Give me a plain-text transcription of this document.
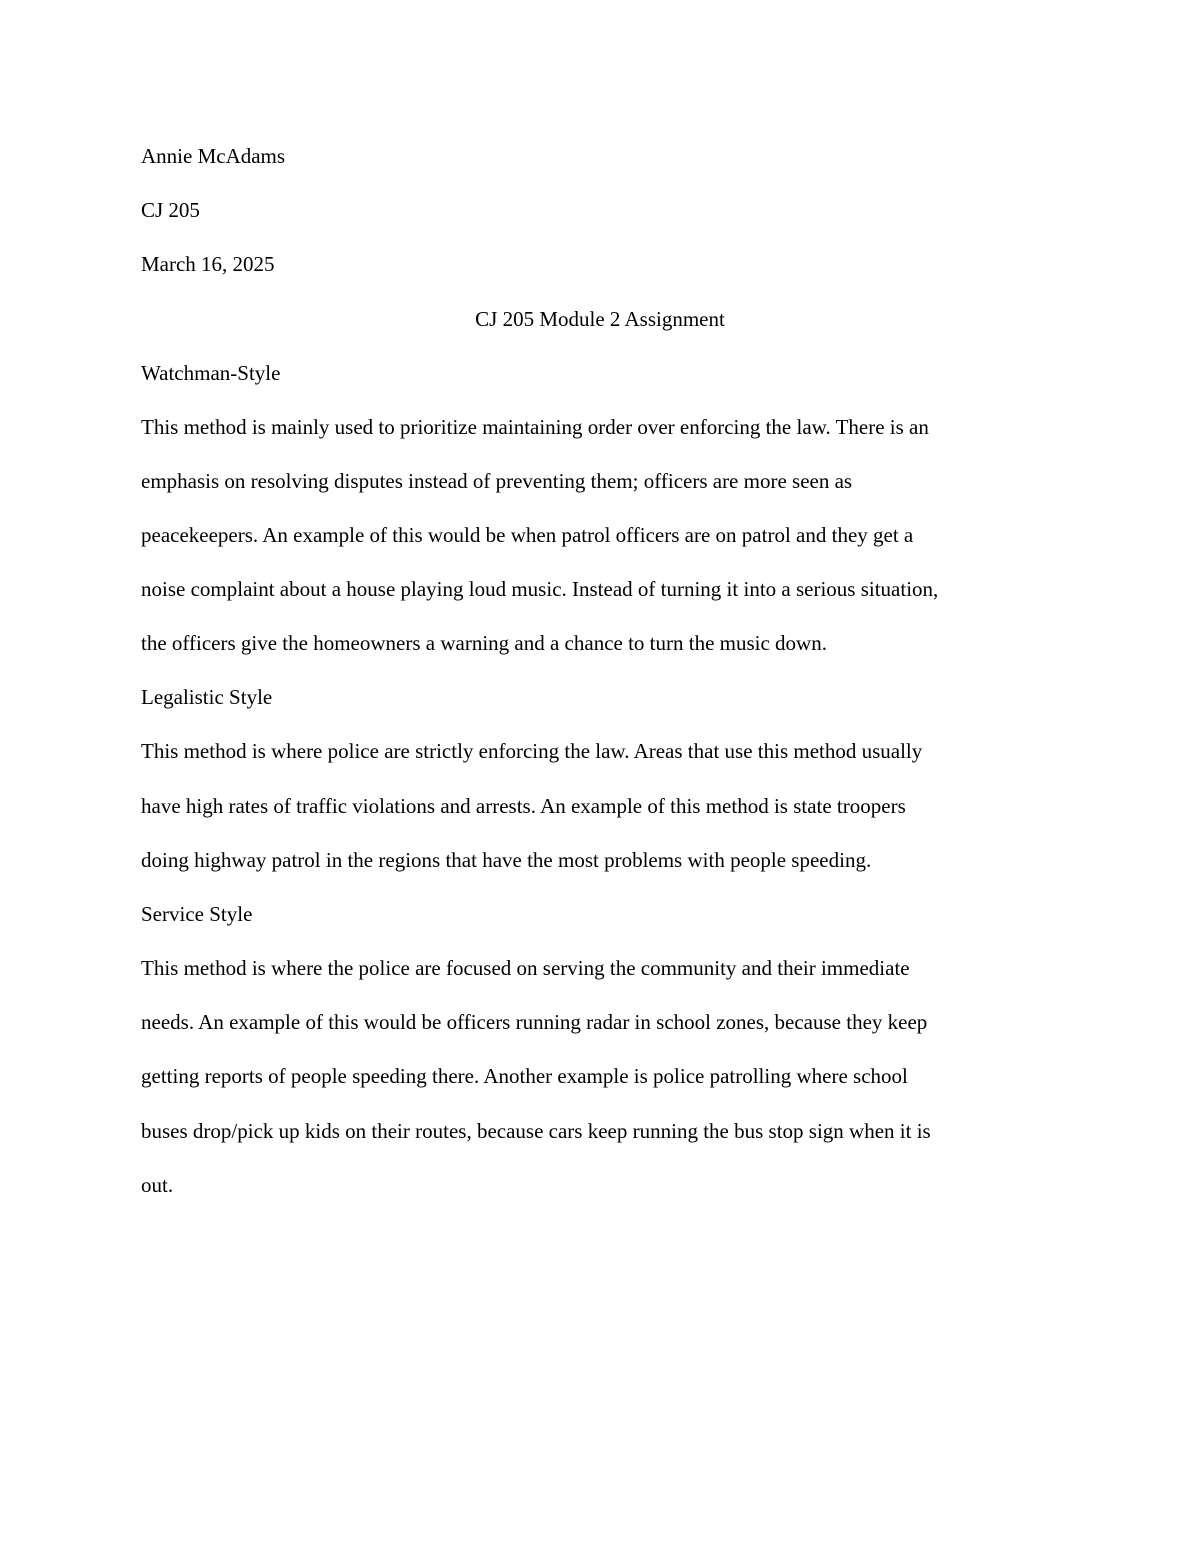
Annie McAdams
CJ 205
March 16, 2025
CJ 205 Module 2 Assignment
Watchman-Style
This method is mainly used to prioritize maintaining order over enforcing the law. There is an
emphasis on resolving disputes instead of preventing them; officers are more seen as
peacekeepers. An example of this would be when patrol officers are on patrol and they get a
noise complaint about a house playing loud music. Instead of turning it into a serious situation,
the officers give the homeowners a warning and a chance to turn the music down.
Legalistic Style
This method is where police are strictly enforcing the law. Areas that use this method usually
have high rates of traffic violations and arrests. An example of this method is state troopers
doing highway patrol in the regions that have the most problems with people speeding.
Service Style
This method is where the police are focused on serving the community and their immediate
needs. An example of this would be officers running radar in school zones, because they keep
getting reports of people speeding there. Another example is police patrolling where school
buses drop/pick up kids on their routes, because cars keep running the bus stop sign when it is
out.
